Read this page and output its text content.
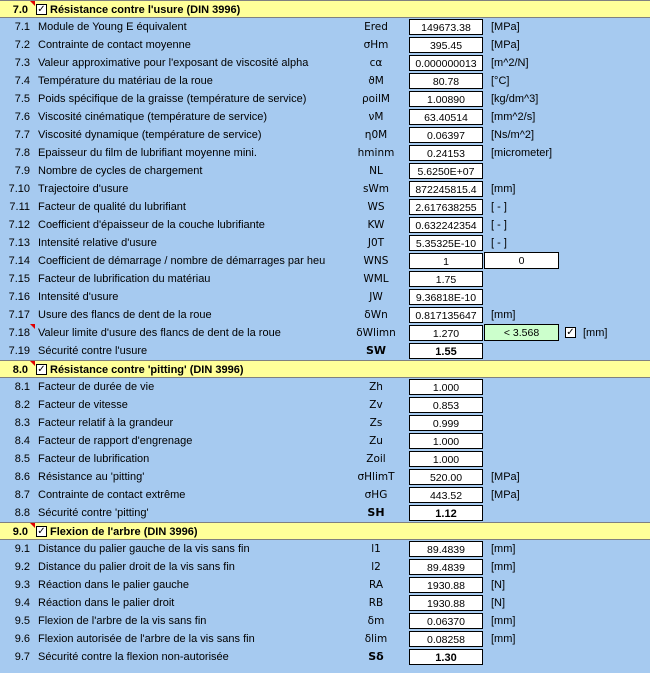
7.0 ✓ Résistance contre l'usure (DIN 3996)
7.1 Module de Young E équivalent	Ered	149673.38	[MPa]
7.2 Contrainte de contact moyenne	σHm	395.45	[MPa]
7.3 Valeur approximative pour l'exposant de viscosité alpha	cα	0.000000013	[m^2/N]
7.4 Température du matériau de la roue	ϑM	80.78	[°C]
7.5 Poids spécifique de la graisse (température de service)	ρoilM	1.00890	[kg/dm^3]
7.6 Viscosité cinématique (température de service)	νM	63.40514	[mm^2/s]
7.7 Viscosité dynamique (température de service)	η0M	0.06397	[Ns/m^2]
7.8 Epaisseur du film de lubrifiant moyenne mini.	hminm	0.24153	[micrometer]
7.9 Nombre de cycles de chargement	NL	5.6250E+07
7.10 Trajectoire d'usure	sWm	872245815.4	[mm]
7.11 Facteur de qualité du lubrifiant	WS	2.617638255	[ - ]
7.12 Coefficient d'épaisseur de la couche lubrifiante	KW	0.632242354	[ - ]
7.13 Intensité relative d'usure	J0T	5.35325E-10	[ - ]
7.14 Coefficient de démarrage / nombre de démarrages par heu	WNS	1	0
7.15 Facteur de lubrification du matériau	WML	1.75
7.16 Intensité d'usure	JW	9.36818E-10
7.17 Usure des flancs de dent de la roue	δWn	0.817135647	[mm]
7.18 Valeur limite d'usure des flancs de dent de la roue	δWlimn	1.270	< 3.568	✓ [mm]
7.19 Sécurité contre l'usure	SW	1.55
8.0 ✓ Résistance contre 'pitting' (DIN 3996)
8.1 Facteur de durée de vie	Zh	1.000
8.2 Facteur de vitesse	Zv	0.853
8.3 Facteur relatif à la grandeur	Zs	0.999
8.4 Facteur de rapport d'engrenage	Zu	1.000
8.5 Facteur de lubrification	Zoil	1.000
8.6 Résistance au 'pitting'	σHlimT	520.00	[MPa]
8.7 Contrainte de contact extrême	σHG	443.52	[MPa]
8.8 Sécurité contre 'pitting'	SH	1.12
9.0 ✓ Flexion de l'arbre (DIN 3996)
9.1 Distance du palier gauche de la vis sans fin	l1	89.4839	[mm]
9.2 Distance du palier droit de la vis sans fin	l2	89.4839	[mm]
9.3 Réaction dans le palier gauche	RA	1930.88	[N]
9.4 Réaction dans le palier droit	RB	1930.88	[N]
9.5 Flexion de l'arbre de la vis sans fin	δm	0.06370	[mm]
9.6 Flexion autorisée de l'arbre de la vis sans fin	δlim	0.08258	[mm]
9.7 Sécurité contre la flexion non-autorisée	Sδ	1.30
